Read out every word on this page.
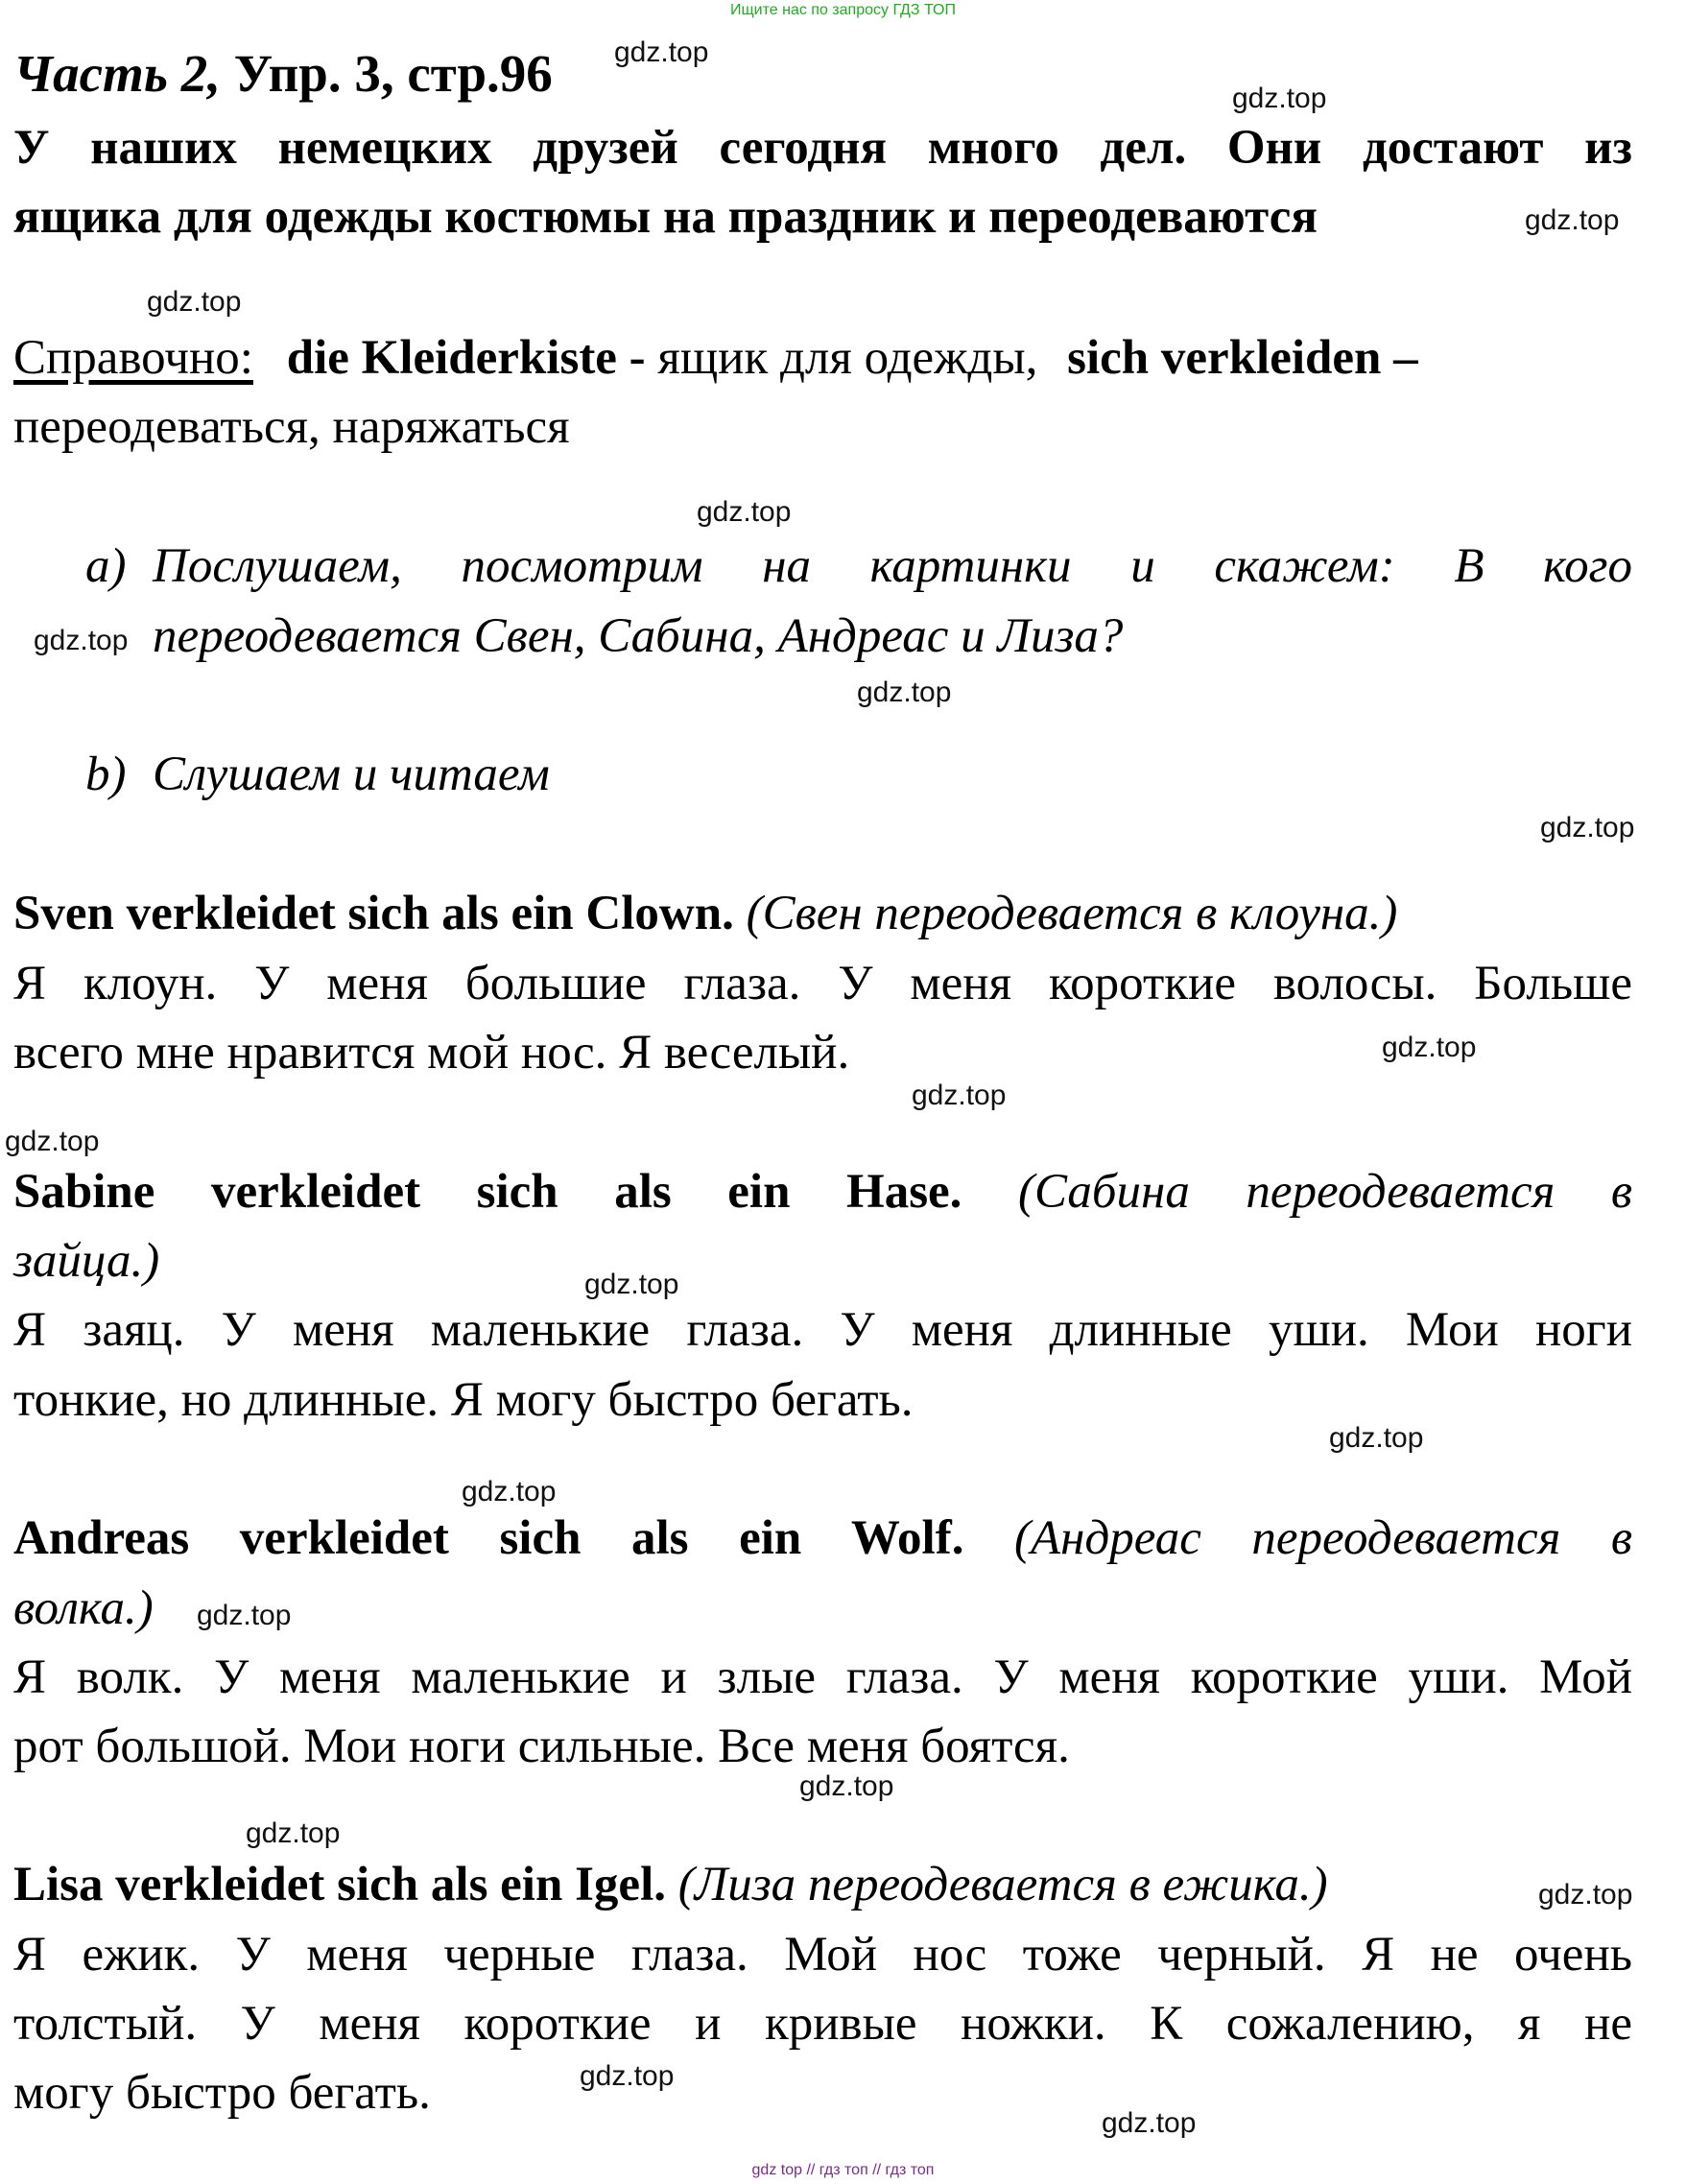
Ищите нас по запросу ГДЗ ТОП
Часть 2, Упр. 3, стр.96
У наших немецких друзей сегодня много дел. Они достают из
ящика для одежды костюмы на праздник и переодеваются
Справочно: die Kleiderkiste - ящик для одежды, sich verkleiden –
переодеваться, наряжаться
a) Послушаем, посмотрим на картинки и скажем: В кого
переодевается Свен, Сабина, Андреас и Лиза?
b) Слушаем и читаем
Sven verkleidet sich als ein Clown. (Свен переодевается в клоуна.)
Я клоун. У меня большие глаза. У меня короткие волосы. Больше
всего мне нравится мой нос. Я веселый.
Sabine verkleidet sich als ein Hase. (Сабина переодевается в
зайца.)
Я заяц. У меня маленькие глаза. У меня длинные уши. Мои ноги
тонкие, но длинные. Я могу быстро бегать.
Andreas verkleidet sich als ein Wolf. (Андреас переодевается в
волка.)
Я волк. У меня маленькие и злые глаза. У меня короткие уши. Мой
рот большой. Мои ноги сильные. Все меня боятся.
Lisa verkleidet sich als ein Igel. (Лиза переодевается в ежика.)
Я ежик. У меня черные глаза. Мой нос тоже черный. Я не очень
толстый. У меня короткие и кривые ножки. К сожалению, я не
могу быстро бегать.
gdz.top
gdz.top
gdz.top
gdz.top
gdz.top
gdz.top
gdz.top
gdz.top
gdz.top
gdz.top
gdz.top
gdz.top
gdz.top
gdz.top
gdz.top
gdz.top
gdz.top
gdz.top
gdz.top
gdz.top
gdz top // гдз топ // гдз топ
